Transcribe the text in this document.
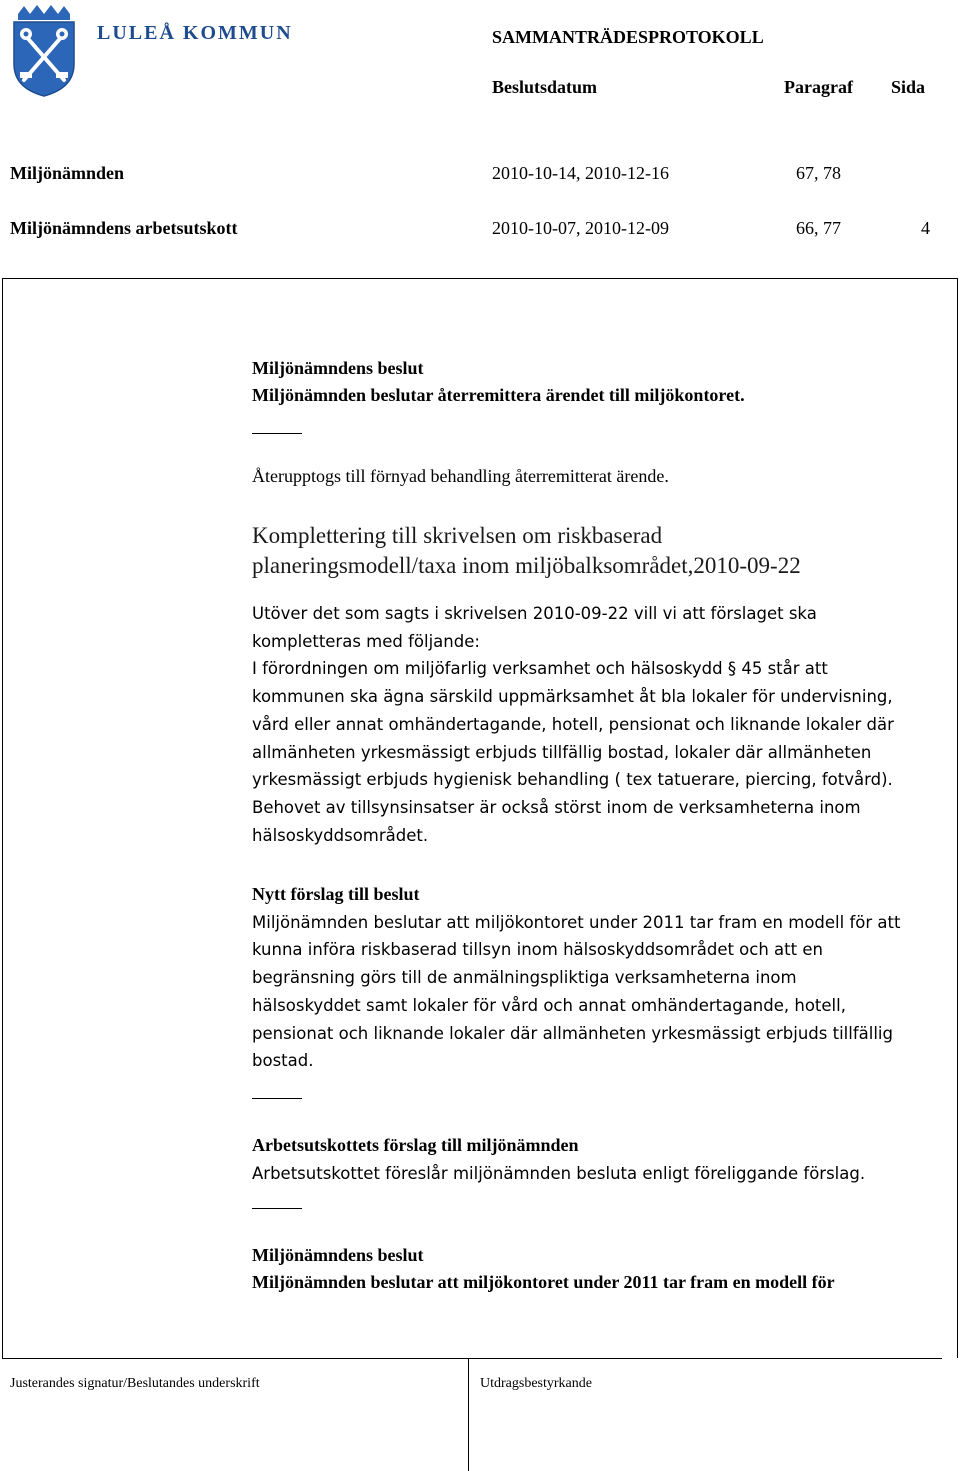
LULEÅ KOMMUN	SAMMANTRÄDESPROTOKOLL
Beslutsdatum	Paragraf Sida
Miljönämnden	2010-10-14, 2010-12-16	67, 78
Miljönämndens arbetsutskott	2010-10-07, 2010-12-09	66, 77	4
Miljönämndens beslut
Miljönämnden beslutar återremittera ärendet till miljökontoret.
Återupptogs till förnyad behandling återremitterat ärende.
Komplettering till skrivelsen om riskbaserad
planeringsmodell/taxa inom miljöbalksområdet,2010-09-22
Utöver det som sagts i skrivelsen 2010-09-22 vill vi att förslaget ska
kompletteras med följande:
I förordningen om miljöfarlig verksamhet och hälsoskydd § 45 står att
kommunen ska ägna särskild uppmärksamhet åt bla lokaler för undervisning,
vård eller annat omhändertagande, hotell, pensionat och liknande lokaler där
allmänheten yrkesmässigt erbjuds tillfällig bostad, lokaler där allmänheten
yrkesmässigt erbjuds hygienisk behandling ( tex tatuerare, piercing, fotvård).
Behovet av tillsynsinsatser är också störst inom de verksamheterna inom
hälsoskyddsområdet.
Nytt förslag till beslut
Miljönämnden beslutar att miljökontoret under 2011 tar fram en modell för att
kunna införa riskbaserad tillsyn inom hälsoskyddsområdet och att en
begränsning görs till de anmälningspliktiga verksamheterna inom
hälsoskyddet samt lokaler för vård och annat omhändertagande, hotell,
pensionat och liknande lokaler där allmänheten yrkesmässigt erbjuds tillfällig
bostad.
Arbetsutskottets förslag till miljönämnden
Arbetsutskottet föreslår miljönämnden besluta enligt föreliggande förslag.
Miljönämndens beslut
Miljönämnden beslutar att miljökontoret under 2011 tar fram en modell för
Justerandes signatur/Beslutandes underskrift	Utdragsbestyrkande
